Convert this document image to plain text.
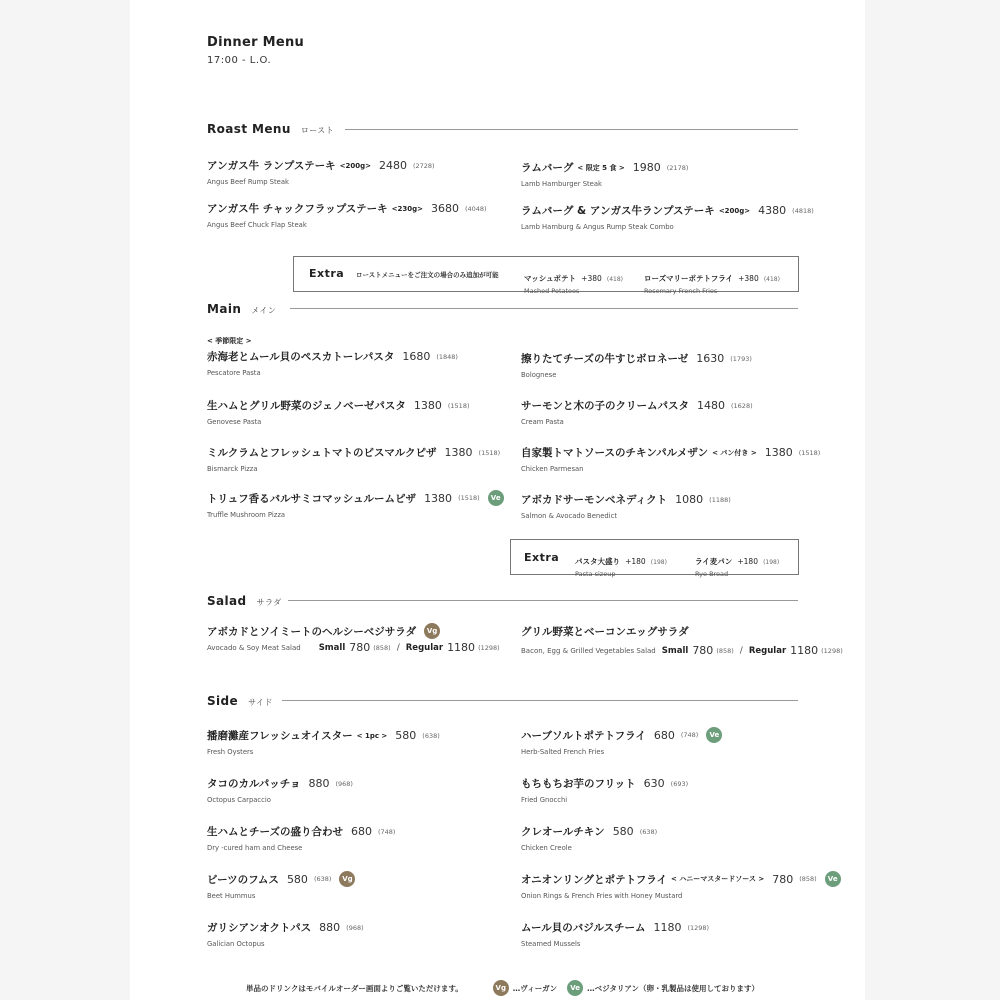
Dinner Menu
17:00 - L.O.
Roast Menu ロースト
アンガス牛 ランプステーキ <200g> 2480 (2728)
Angus Beef Rump Steak
ラムバーグ < 限定 5 食 > 1980 (2178)
Lamb Hamburger Steak
アンガス牛 チャックフラップステーキ <230g> 3680 (4048)
Angus Beef Chuck Flap Steak
ラムバーグ & アンガス牛ランプステーキ <200g> 4380 (4818)
Lamb Hamburg & Angus Rump Steak Combo
Extra ローストメニューをご注文の場合のみ追加が可能	マッシュポテト +380 (418)
Mashed Potatoes
ローズマリーポテトフライ +380 (418)
Rosemary French Fries
Main メイン
< 季節限定 >
赤海老とムール貝のペスカトーレパスタ 1680 (1848)
Pescatore Pasta
擦りたてチーズの牛すじボロネーゼ 1630 (1793)
Bolognese
生ハムとグリル野菜のジェノベーゼパスタ 1380 (1518)
Genovese Pasta
サーモンと木の子のクリームパスタ 1480 (1628)
Cream Pasta
ミルクラムとフレッシュトマトのビスマルクピザ 1380 (1518)
Bismarck Pizza
自家製トマトソースのチキンパルメザン < パン付き > 1380 (1518)
Chicken Parmesan
トリュフ香るバルサミコマッシュルームピザ 1380 (1518)	Ve
Truffle Mushroom Pizza
アボカドサーモンベネディクト 1080 (1188)
Salmon & Avocado Benedict
Extra パスタ大盛り +180 (198)
Pasta sizeup
ライ麦パン +180 (198)
Rye Bread
Salad サラダ
アボカドとソイミートのヘルシーベジサラダ	Vg
Avocado & Soy Meat Salad Small 780 (858) / Regular 1180 (1298)
グリル野菜とベーコンエッグサラダ
Bacon, Egg & Grilled Vegetables Salad Small 780 (858) / Regular 1180 (1298)
Side サイド
播磨灘産フレッシュオイスター < 1pc > 580 (638)
Fresh Oysters
ハーブソルトポテトフライ 680 (748)	Ve
Herb-Salted French Fries
タコのカルパッチョ 880 (968)
Octopus Carpaccio
もちもちお芋のフリット 630 (693)
Fried Gnocchi
生ハムとチーズの盛り合わせ 680 (748)
Dry -cured ham and Cheese
クレオールチキン 580 (638)
Chicken Creole
ビーツのフムス 580 (638)	Vg
Beet Hummus
オニオンリングとポテトフライ < ハニーマスタードソース > 780 (858)	Ve
Onion Rings & French Fries with Honey Mustard
ガリシアンオクトパス 880 (968)
Galician Octopus
ムール貝のバジルスチーム 1180 (1298)
Steamed Mussels
単品のドリンクはモバイルオーダー画面よりご覧いただけます。	Vg …ヴィーガン	Ve …ベジタリアン（卵・乳製品は使用しております）
